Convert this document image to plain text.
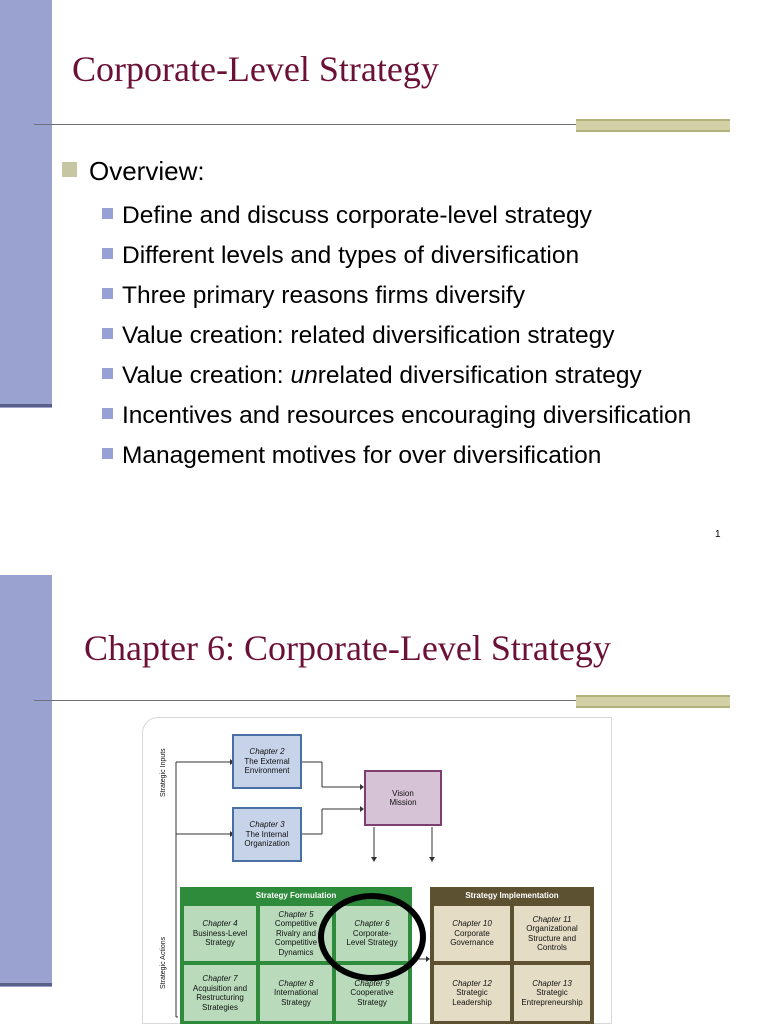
Corporate-Level Strategy
Overview:
Define and discuss corporate-level strategy
Different levels and types of diversification
Three primary reasons firms diversify
Value creation: related diversification strategy
Value creation: unrelated diversification strategy
Incentives and resources encouraging diversification
Management motives for over diversification
1
Chapter 6: Corporate-Level Strategy
Strategic Inputs
Strategic Actions
Chapter 2
The External
Environment
Chapter 3
The Internal
Organization
Vision
Mission
Strategy Formulation
Chapter 4
Business-Level
Strategy
Chapter 5
Competitive
Rivalry and
Competitive
Dynamics
Chapter 6
Corporate-
Level Strategy
Chapter 7
Acquisition and
Restructuring
Strategies
Chapter 8
International
Strategy
Chapter 9
Cooperative
Strategy
Strategy Implementation
Chapter 10
Corporate
Governance
Chapter 11
Organizational
Structure and
Controls
Chapter 12
Strategic
Leadership
Chapter 13
Strategic
Entrepreneurship
